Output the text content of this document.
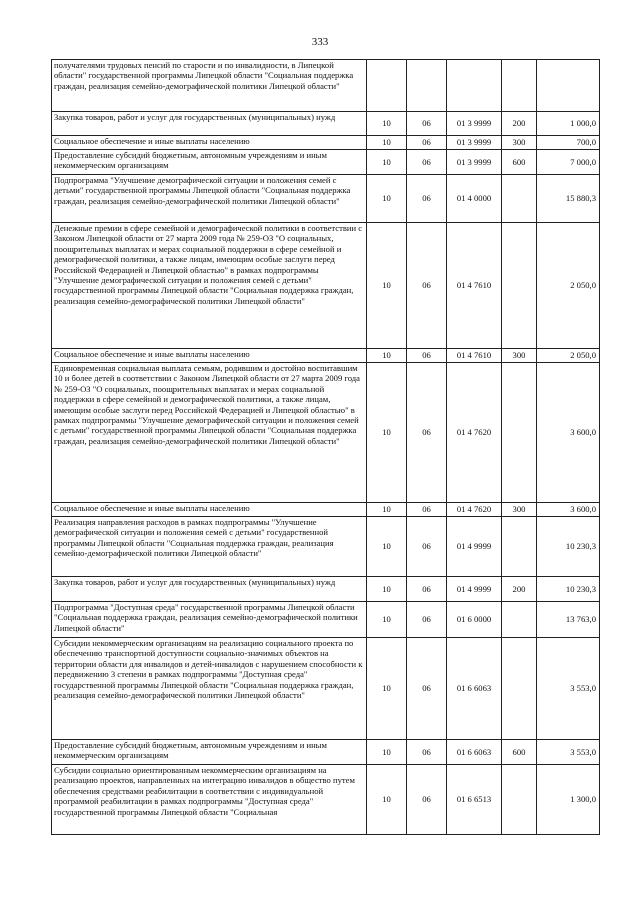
333
получателями трудовых пенсий по старости и по инвалидности, в Липецкой области" государственной программы Липецкой области "Социальная поддержка граждан, реализация семейно-демографической политики Липецкой области"					
Закупка товаров, работ и услуг для государственных (муниципальных) нужд	10	06	01 3 9999	200	1 000,0
Социальное обеспечение и иные выплаты населению	10	06	01 3 9999	300	700,0
Предоставление субсидий бюджетным, автономным учреждениям и иным некоммерческим организациям	10	06	01 3 9999	600	7 000,0
Подпрограмма "Улучшение демографической ситуации и положения семей с детьми" государственной программы Липецкой области "Социальная поддержка граждан, реализация семейно-демографической политики Липецкой области"	10	06	01 4 0000		15 880,3
Денежные премии в сфере семейной и демографической политики в соответствии с Законом Липецкой области от 27 марта 2009 года № 259-ОЗ "О социальных, поощрительных выплатах и мерах социальной поддержки в сфере семейной и демографической политики, а также лицам, имеющим особые заслуги перед Российской Федерацией и Липецкой областью" в рамках подпрограммы "Улучшение демографической ситуации и положения семей с детьми" государственной программы Липецкой области "Социальная поддержка граждан, реализация семейно-демографической политики Липецкой области"	10	06	01 4 7610		2 050,0
Социальное обеспечение и иные выплаты населению	10	06	01 4 7610	300	2 050,0
Единовременная социальная выплата семьям, родившим и достойно воспитавшим 10 и более детей в соответствии с Законом Липецкой области от 27 марта 2009 года № 259-ОЗ "О социальных, поощрительных выплатах и мерах социальной поддержки в сфере семейной и демографической политики, а также лицам, имеющим особые заслуги перед Российской Федерацией и Липецкой областью" в рамках подпрограммы "Улучшение демографической ситуации и положения семей с детьми" государственной программы Липецкой области "Социальная поддержка граждан, реализация семейно-демографической политики Липецкой области"	10	06	01 4 7620		3 600,0
Социальное обеспечение и иные выплаты населению	10	06	01 4 7620	300	3 600,0
Реализация направления расходов в рамках подпрограммы "Улучшение демографической ситуации и положения семей с детьми" государственной программы Липецкой области "Социальная поддержка граждан, реализация семейно-демографической политики Липецкой области"	10	06	01 4 9999		10 230,3
Закупка товаров, работ и услуг для государственных (муниципальных) нужд	10	06	01 4 9999	200	10 230,3
Подпрограмма "Доступная среда" государственной программы Липецкой области "Социальная поддержка граждан, реализация семейно-демографической политики Липецкой области"	10	06	01 6 0000		13 763,0
Субсидии некоммерческим организациям на реализацию социального проекта по обеспечению транспортной доступности социально-значимых объектов на территории области для инвалидов и детей-инвалидов с нарушением способности к передвижению 3 степени в рамках подпрограммы "Доступная среда" государственной программы Липецкой области "Социальная поддержка граждан, реализация семейно-демографической политики Липецкой области"	10	06	01 6 6063		3 553,0
Предоставление субсидий бюджетным, автономным учреждениям и иным некоммерческим организациям	10	06	01 6 6063	600	3 553,0
Субсидии социально ориентированным некоммерческим организациям на реализацию проектов, направленных на интеграцию инвалидов в общество путем обеспечения средствами реабилитации в соответствии с индивидуальной программой реабилитации в рамках подпрограммы "Доступная среда" государственной программы Липецкой области "Социальная	10	06	01 6 6513		1 300,0
